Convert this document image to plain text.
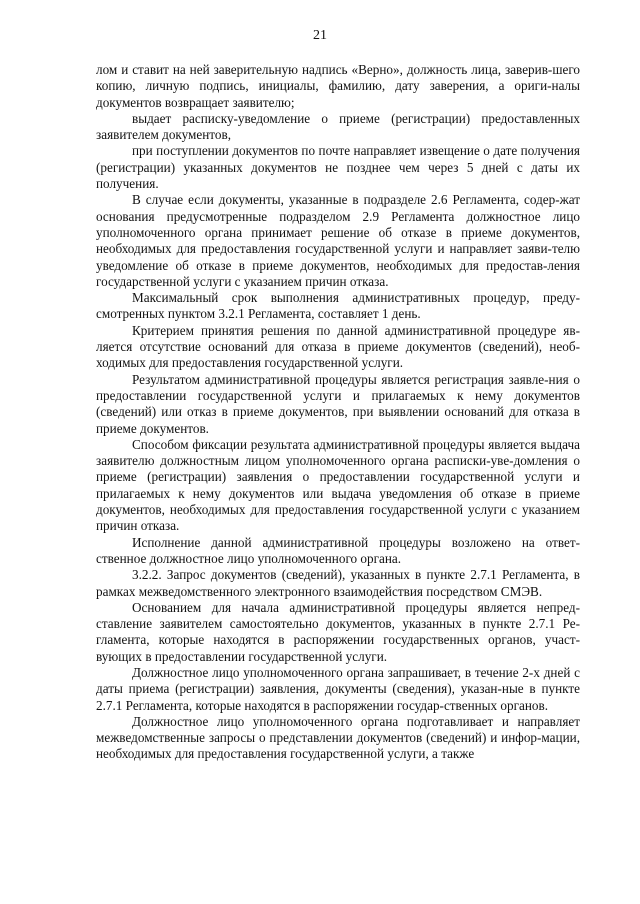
21

лом и ставит на ней заверительную надпись «Верно», должность лица, заверив-шего копию, личную подпись, инициалы, фамилию, дату заверения, а ориги-налы документов возвращает заявителю;

выдает расписку-уведомление о приеме (регистрации) предоставленных заявителем документов,

при поступлении документов по почте направляет извещение о дате получения (регистрации) указанных документов не позднее чем через 5 дней с даты их получения.

В случае если документы, указанные в подразделе 2.6 Регламента, содер-жат основания предусмотренные подразделом 2.9 Регламента должностное лицо уполномоченного органа принимает решение об отказе в приеме документов, необходимых для предоставления государственной услуги и направляет заяви-телю уведомление об отказе в приеме документов, необходимых для предостав-ления государственной услуги с указанием причин отказа.

Максимальный срок выполнения административных процедур, преду-смотренных пунктом 3.2.1 Регламента, составляет 1 день.

Критерием принятия решения по данной административной процедуре яв-ляется отсутствие оснований для отказа в приеме документов (сведений), необ-ходимых для предоставления государственной услуги.

Результатом административной процедуры является регистрация заявле-ния о предоставлении государственной услуги и прилагаемых к нему документов (сведений) или отказ в приеме документов, при выявлении оснований для отказа в приеме документов.

Способом фиксации результата административной процедуры является выдача заявителю должностным лицом уполномоченного органа расписки-уве-домления о приеме (регистрации) заявления о предоставлении государственной услуги и прилагаемых к нему документов или выдача уведомления об отказе в приеме документов, необходимых для предоставления государственной услуги с указанием причин отказа.

Исполнение данной административной процедуры возложено на ответ-ственное должностное лицо уполномоченного органа.

3.2.2. Запрос документов (сведений), указанных в пункте 2.7.1 Регламента, в рамках межведомственного электронного взаимодействия посредством СМЭВ.

Основанием для начала административной процедуры является непред-ставление заявителем самостоятельно документов, указанных в пункте 2.7.1 Ре-гламента, которые находятся в распоряжении государственных органов, участ-вующих в предоставлении государственной услуги.

Должностное лицо уполномоченного органа запрашивает, в течение 2-х дней с даты приема (регистрации) заявления, документы (сведения), указан-ные в пункте 2.7.1 Регламента, которые находятся в распоряжении государ-ственных органов.

Должностное лицо уполномоченного органа подготавливает и направляет межведомственные запросы о представлении документов (сведений) и инфор-мации, необходимых для предоставления государственной услуги, а также
